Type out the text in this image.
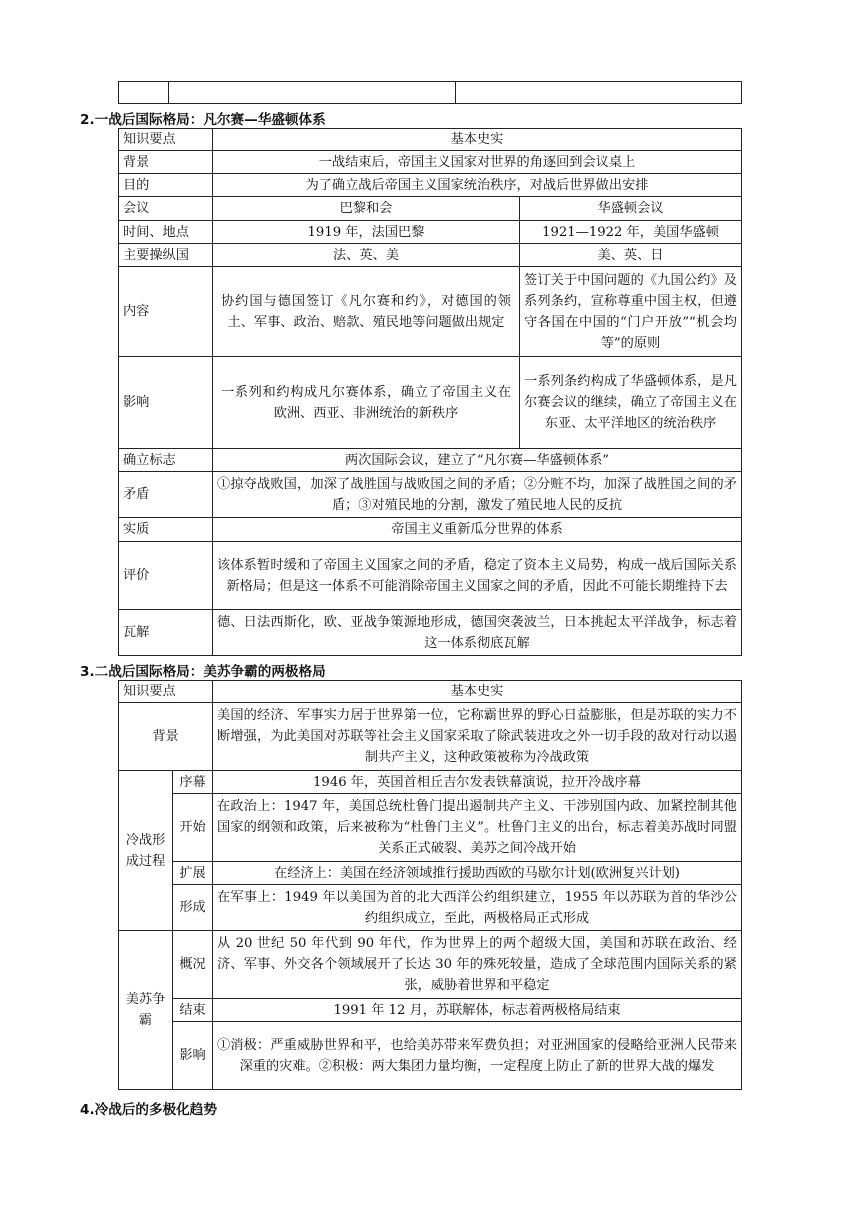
2.一战后国际格局：凡尔赛—华盛顿体系
知识要点	基本史实	
背景	一战结束后，帝国主义国家对世界的角逐回到会议桌上	
目的	为了确立战后帝国主义国家统治秩序，对战后世界做出安排	
会议	巴黎和会	华盛顿会议
时间、地点	1919 年，法国巴黎	1921—1922 年，美国华盛顿
主要操纵国	法、英、美	美、英、日
内容	协约国与德国签订《凡尔赛和约》，对德国的领土、军事、政治、赔款、殖民地等问题做出规定	签订关于中国问题的《九国公约》及系列条约，宣称尊重中国主权，但遵守各国在中国的“门户开放”“机会均等”的原则
影响	一系列和约构成凡尔赛体系，确立了帝国主义在欧洲、西亚、非洲统治的新秩序	一系列条约构成了华盛顿体系，是凡尔赛会议的继续，确立了帝国主义在东亚、太平洋地区的统治秩序
确立标志	两次国际会议，建立了“凡尔赛—华盛顿体系”	
矛盾	①掠夺战败国，加深了战胜国与战败国之间的矛盾；②分赃不均，加深了战胜国之间的矛盾；③对殖民地的分割，激发了殖民地人民的反抗	
实质	帝国主义重新瓜分世界的体系	
评价	该体系暂时缓和了帝国主义国家之间的矛盾，稳定了资本主义局势，构成一战后国际关系新格局；但是这一体系不可能消除帝国主义国家之间的矛盾，因此不可能长期维持下去	
瓦解	德、日法西斯化，欧、亚战争策源地形成，德国突袭波兰，日本挑起太平洋战争，标志着这一体系彻底瓦解	
3.二战后国际格局：美苏争霸的两极格局
知识要点		基本史实
背景		美国的经济、军事实力居于世界第一位，它称霸世界的野心日益膨胀，但是苏联的实力不断增强，为此美国对苏联等社会主义国家采取了除武装进攻之外一切手段的敌对行动以遏制共产主义，这种政策被称为冷战政策
冷战形成过程	序幕	1946 年，英国首相丘吉尔发表铁幕演说，拉开冷战序幕
	开始	在政治上：1947 年，美国总统杜鲁门提出遏制共产主义、干涉别国内政、加紧控制其他国家的纲领和政策，后来被称为“杜鲁门主义”。杜鲁门主义的出台，标志着美苏战时同盟关系正式破裂、美苏之间冷战开始
	扩展	在经济上：美国在经济领域推行援助西欧的马歇尔计划(欧洲复兴计划)
	形成	在军事上：1949 年以美国为首的北大西洋公约组织建立，1955 年以苏联为首的华沙公约组织成立，至此，两极格局正式形成
美苏争霸	概况	从 20 世纪 50 年代到 90 年代，作为世界上的两个超级大国，美国和苏联在政治、经济、军事、外交各个领域展开了长达 30 年的殊死较量，造成了全球范围内国际关系的紧张，威胁着世界和平稳定
	结束	1991 年 12 月，苏联解体，标志着两极格局结束
	影响	①消极：严重威胁世界和平，也给美苏带来军费负担；对亚洲国家的侵略给亚洲人民带来深重的灾难。②积极：两大集团力量均衡，一定程度上防止了新的世界大战的爆发
4.冷战后的多极化趋势
